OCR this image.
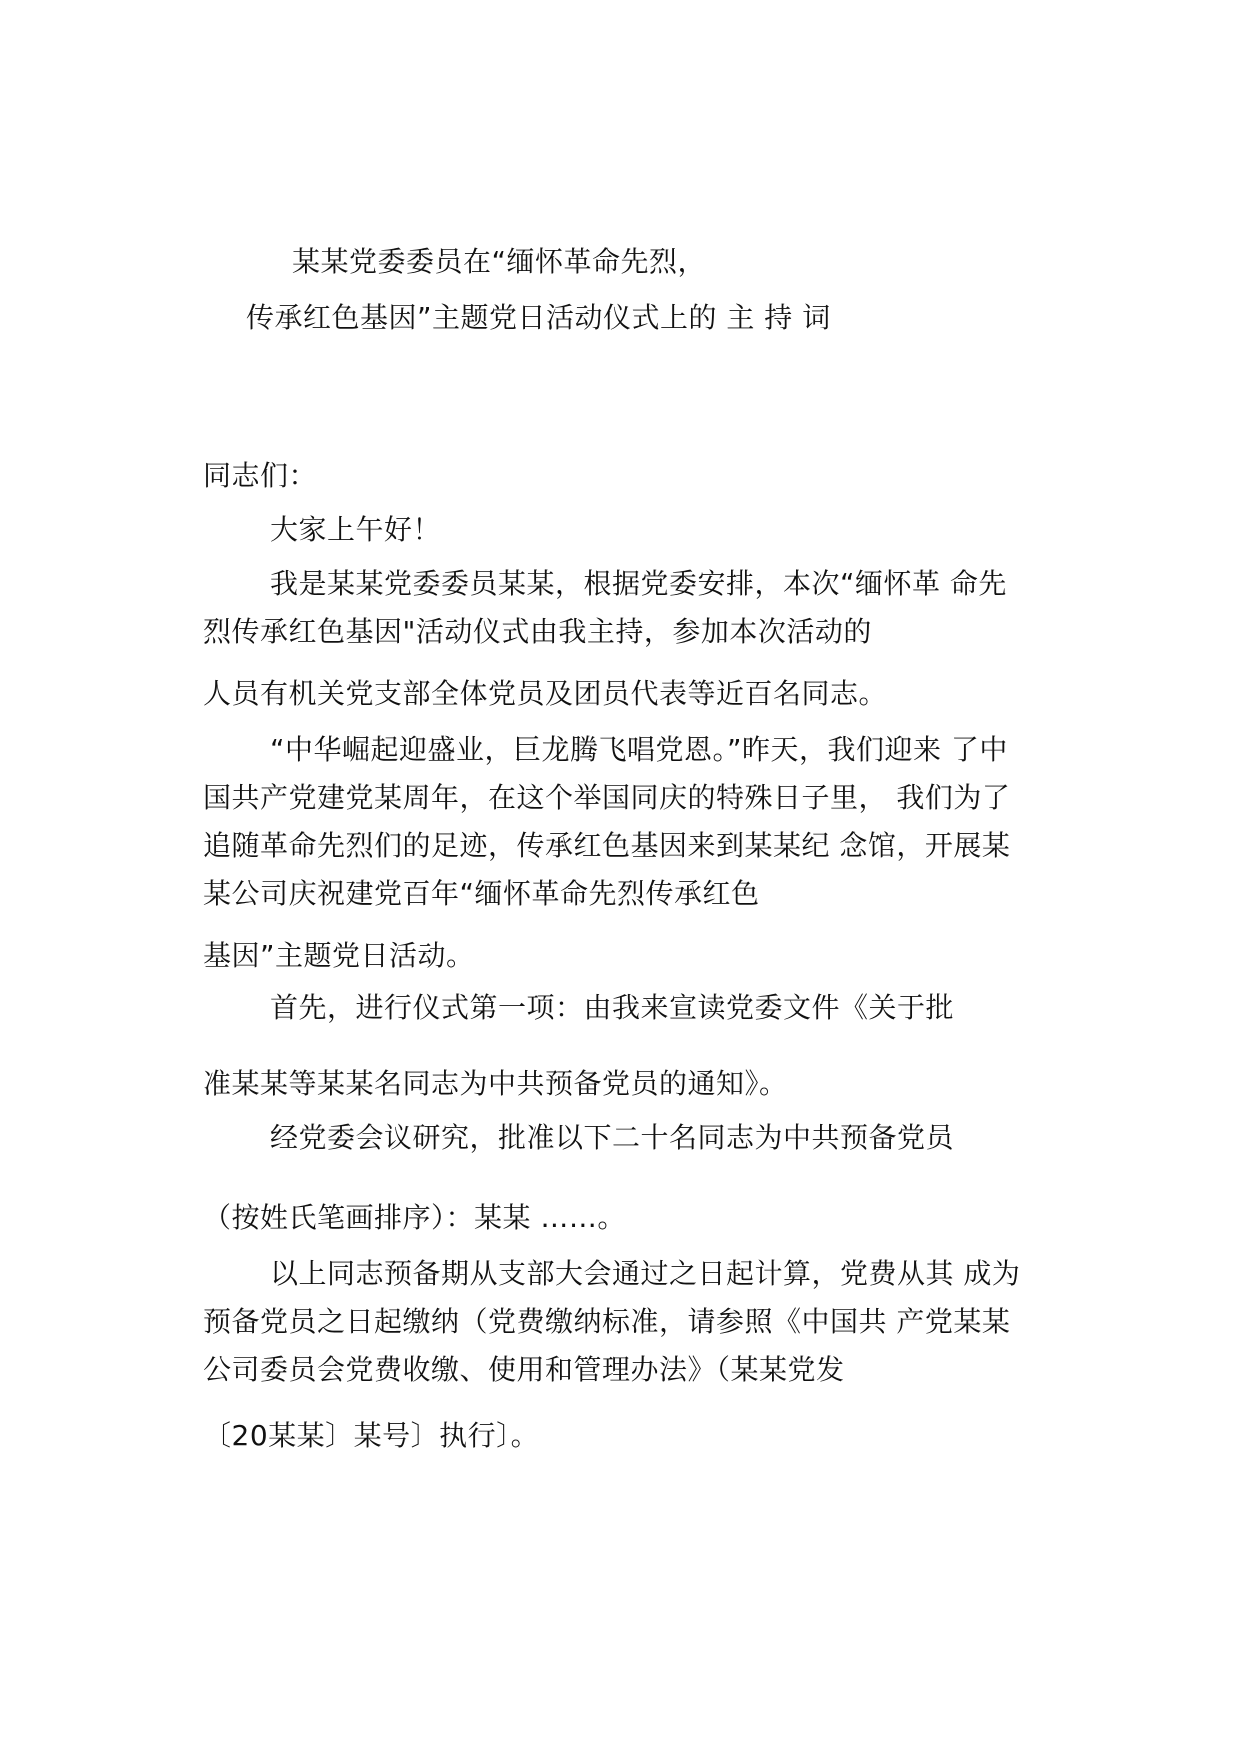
某某党委委员在“缅怀革命先烈，
传承红色基因”主题党日活动仪式上的 主 持 词
同志们：
大家上午好！
我是某某党委委员某某，根据党委安排，本次“缅怀革 命先
烈传承红色基因"活动仪式由我主持，参加本次活动的
人员有机关党支部全体党员及团员代表等近百名同志。
“中华崛起迎盛业，巨龙腾飞唱党恩。”昨天，我们迎来 了中
国共产党建党某周年，在这个举国同庆的特殊日子里， 我们为了
追随革命先烈们的足迹，传承红色基因来到某某纪 念馆，开展某
某公司庆祝建党百年“缅怀革命先烈传承红色
基因”主题党日活动。
首先，进行仪式第一项：由我来宣读党委文件《关于批
准某某等某某名同志为中共预备党员的通知》。
经党委会议研究，批准以下二十名同志为中共预备党员
（按姓氏笔画排序）：某某 ……。
以上同志预备期从支部大会通过之日起计算，党费从其 成为
预备党员之日起缴纳（党费缴纳标准，请参照《中国共 产党某某
公司委员会党费收缴、使用和管理办法》（某某党发
〔20某某〕某号〕执行〕。
